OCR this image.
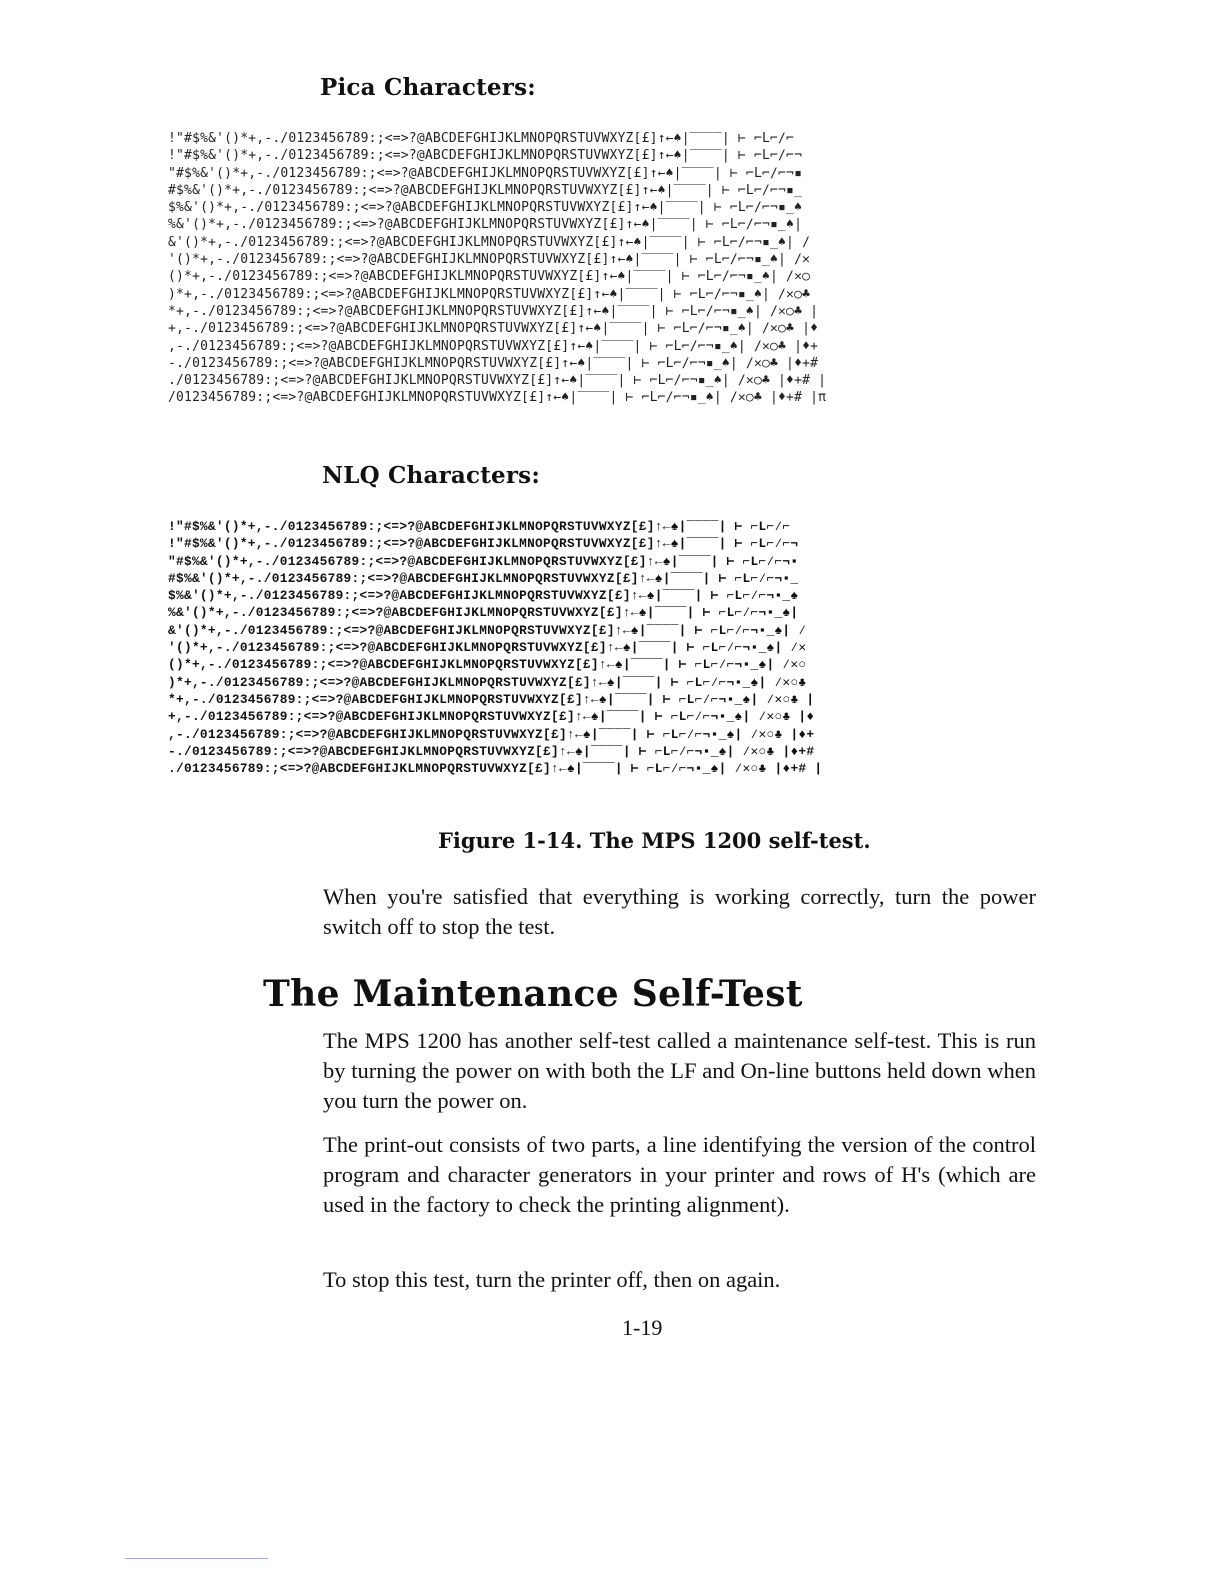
Pica Characters:
!"#$%&'()*+,-./0123456789:;<=>?@ABCDEFGHIJKLMNOPQRSTUVWXYZ[£]↑←♠|‾‾‾‾| ⊢ ⌐L⌐∕⌐
!"#$%&'()*+,-./0123456789:;<=>?@ABCDEFGHIJKLMNOPQRSTUVWXYZ[£]↑←♠|‾‾‾‾| ⊢ ⌐L⌐∕⌐¬
"#$%&'()*+,-./0123456789:;<=>?@ABCDEFGHIJKLMNOPQRSTUVWXYZ[£]↑←♠|‾‾‾‾| ⊢ ⌐L⌐∕⌐¬▪
#$%&'()*+,-./0123456789:;<=>?@ABCDEFGHIJKLMNOPQRSTUVWXYZ[£]↑←♠|‾‾‾‾| ⊢ ⌐L⌐∕⌐¬▪_
$%&'()*+,-./0123456789:;<=>?@ABCDEFGHIJKLMNOPQRSTUVWXYZ[£]↑←♠|‾‾‾‾| ⊢ ⌐L⌐∕⌐¬▪_♠
%&'()*+,-./0123456789:;<=>?@ABCDEFGHIJKLMNOPQRSTUVWXYZ[£]↑←♠|‾‾‾‾| ⊢ ⌐L⌐∕⌐¬▪_♠|
&'()*+,-./0123456789:;<=>?@ABCDEFGHIJKLMNOPQRSTUVWXYZ[£]↑←♠|‾‾‾‾| ⊢ ⌐L⌐∕⌐¬▪_♠| ∕
'()*+,-./0123456789:;<=>?@ABCDEFGHIJKLMNOPQRSTUVWXYZ[£]↑←♠|‾‾‾‾| ⊢ ⌐L⌐∕⌐¬▪_♠| ∕✕
()*+,-./0123456789:;<=>?@ABCDEFGHIJKLMNOPQRSTUVWXYZ[£]↑←♠|‾‾‾‾| ⊢ ⌐L⌐∕⌐¬▪_♠| ∕✕○
)*+,-./0123456789:;<=>?@ABCDEFGHIJKLMNOPQRSTUVWXYZ[£]↑←♠|‾‾‾‾| ⊢ ⌐L⌐∕⌐¬▪_♠| ∕✕○♣
*+,-./0123456789:;<=>?@ABCDEFGHIJKLMNOPQRSTUVWXYZ[£]↑←♠|‾‾‾‾| ⊢ ⌐L⌐∕⌐¬▪_♠| ∕✕○♣ |
+,-./0123456789:;<=>?@ABCDEFGHIJKLMNOPQRSTUVWXYZ[£]↑←♠|‾‾‾‾| ⊢ ⌐L⌐∕⌐¬▪_♠| ∕✕○♣ |♦
,-./0123456789:;<=>?@ABCDEFGHIJKLMNOPQRSTUVWXYZ[£]↑←♠|‾‾‾‾| ⊢ ⌐L⌐∕⌐¬▪_♠| ∕✕○♣ |♦+
-./0123456789:;<=>?@ABCDEFGHIJKLMNOPQRSTUVWXYZ[£]↑←♠|‾‾‾‾| ⊢ ⌐L⌐∕⌐¬▪_♠| ∕✕○♣ |♦+#
./0123456789:;<=>?@ABCDEFGHIJKLMNOPQRSTUVWXYZ[£]↑←♠|‾‾‾‾| ⊢ ⌐L⌐∕⌐¬▪_♠| ∕✕○♣ |♦+# |
/0123456789:;<=>?@ABCDEFGHIJKLMNOPQRSTUVWXYZ[£]↑←♠|‾‾‾‾| ⊢ ⌐L⌐∕⌐¬▪_♠| ∕✕○♣ |♦+# |π
NLQ Characters:
!"#$%&'()*+,-./0123456789:;<=>?@ABCDEFGHIJKLMNOPQRSTUVWXYZ[£]↑←♠|‾‾‾‾| ⊢ ⌐L⌐∕⌐
!"#$%&'()*+,-./0123456789:;<=>?@ABCDEFGHIJKLMNOPQRSTUVWXYZ[£]↑←♠|‾‾‾‾| ⊢ ⌐L⌐∕⌐¬
"#$%&'()*+,-./0123456789:;<=>?@ABCDEFGHIJKLMNOPQRSTUVWXYZ[£]↑←♠|‾‾‾‾| ⊢ ⌐L⌐∕⌐¬▪
#$%&'()*+,-./0123456789:;<=>?@ABCDEFGHIJKLMNOPQRSTUVWXYZ[£]↑←♠|‾‾‾‾| ⊢ ⌐L⌐∕⌐¬▪_
$%&'()*+,-./0123456789:;<=>?@ABCDEFGHIJKLMNOPQRSTUVWXYZ[£]↑←♠|‾‾‾‾| ⊢ ⌐L⌐∕⌐¬▪_♠
%&'()*+,-./0123456789:;<=>?@ABCDEFGHIJKLMNOPQRSTUVWXYZ[£]↑←♠|‾‾‾‾| ⊢ ⌐L⌐∕⌐¬▪_♠|
&'()*+,-./0123456789:;<=>?@ABCDEFGHIJKLMNOPQRSTUVWXYZ[£]↑←♠|‾‾‾‾| ⊢ ⌐L⌐∕⌐¬▪_♠| ∕
'()*+,-./0123456789:;<=>?@ABCDEFGHIJKLMNOPQRSTUVWXYZ[£]↑←♠|‾‾‾‾| ⊢ ⌐L⌐∕⌐¬▪_♠| ∕✕
()*+,-./0123456789:;<=>?@ABCDEFGHIJKLMNOPQRSTUVWXYZ[£]↑←♠|‾‾‾‾| ⊢ ⌐L⌐∕⌐¬▪_♠| ∕✕○
)*+,-./0123456789:;<=>?@ABCDEFGHIJKLMNOPQRSTUVWXYZ[£]↑←♠|‾‾‾‾| ⊢ ⌐L⌐∕⌐¬▪_♠| ∕✕○♣
*+,-./0123456789:;<=>?@ABCDEFGHIJKLMNOPQRSTUVWXYZ[£]↑←♠|‾‾‾‾| ⊢ ⌐L⌐∕⌐¬▪_♠| ∕✕○♣ |
+,-./0123456789:;<=>?@ABCDEFGHIJKLMNOPQRSTUVWXYZ[£]↑←♠|‾‾‾‾| ⊢ ⌐L⌐∕⌐¬▪_♠| ∕✕○♣ |♦
,-./0123456789:;<=>?@ABCDEFGHIJKLMNOPQRSTUVWXYZ[£]↑←♠|‾‾‾‾| ⊢ ⌐L⌐∕⌐¬▪_♠| ∕✕○♣ |♦+
-./0123456789:;<=>?@ABCDEFGHIJKLMNOPQRSTUVWXYZ[£]↑←♠|‾‾‾‾| ⊢ ⌐L⌐∕⌐¬▪_♠| ∕✕○♣ |♦+#
./0123456789:;<=>?@ABCDEFGHIJKLMNOPQRSTUVWXYZ[£]↑←♠|‾‾‾‾| ⊢ ⌐L⌐∕⌐¬▪_♠| ∕✕○♣ |♦+# |
Figure 1-14. The MPS 1200 self-test.
When you're satisfied that everything is working correctly, turn the power switch off to stop the test.
The Maintenance Self-Test
The MPS 1200 has another self-test called a maintenance self-test. This is run by turning the power on with both the LF and On-line buttons held down when you turn the power on.
The print-out consists of two parts, a line identifying the version of the control program and character generators in your printer and rows of H's (which are used in the factory to check the printing alignment).
To stop this test, turn the printer off, then on again.
1-19
